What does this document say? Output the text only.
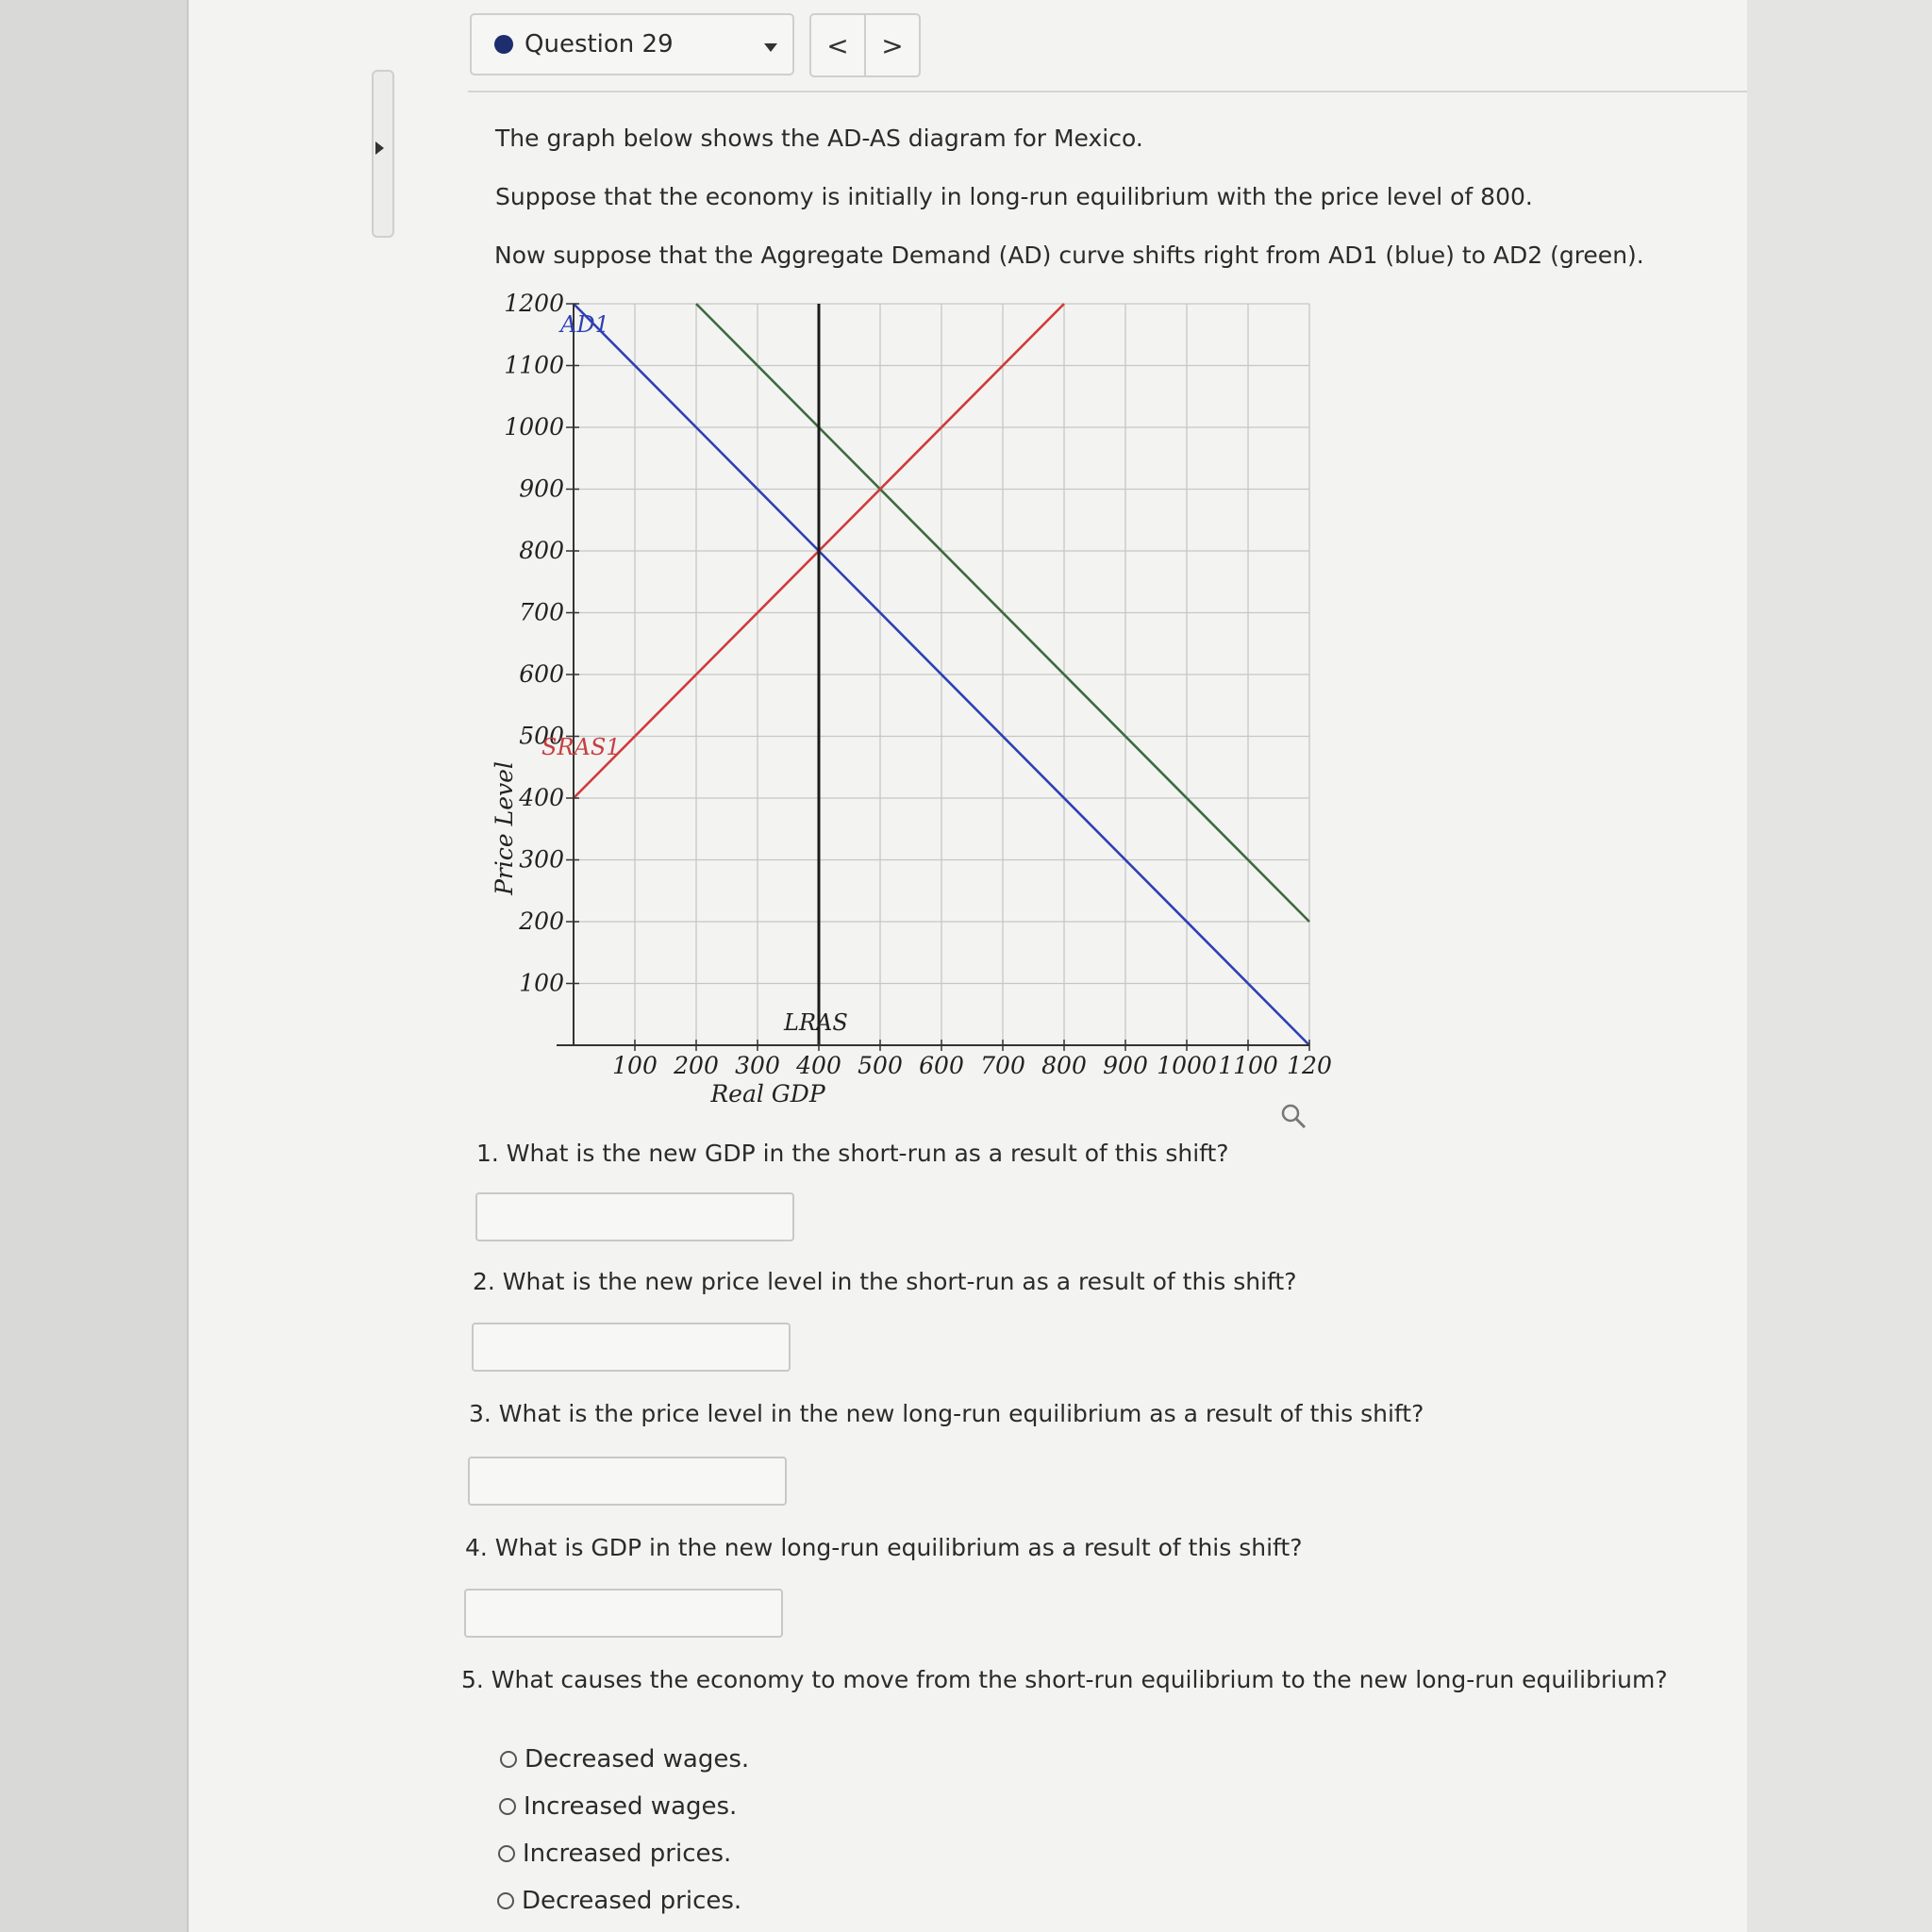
Question 29	<	>
The graph below shows the AD-AS diagram for Mexico.
Suppose that the economy is initially in long-run equilibrium with the price level of 800.
Now suppose that the Aggregate Demand (AD) curve shifts right from AD1 (blue) to AD2 (green).
100 200 300 400 500 600 700 800 900 1000 1100 120
1200
1100
1000
900
800
700
600
500
400
300
200
100
Real GDP
Price Level
AD1
SRAS1
LRAS
1. What is the new GDP in the short-run as a result of this shift?
2. What is the new price level in the short-run as a result of this shift?
3. What is the price level in the new long-run equilibrium as a result of this shift?
4. What is GDP in the new long-run equilibrium as a result of this shift?
5. What causes the economy to move from the short-run equilibrium to the new long-run equilibrium?
Decreased wages.
Increased wages.
Increased prices.
Decreased prices.
